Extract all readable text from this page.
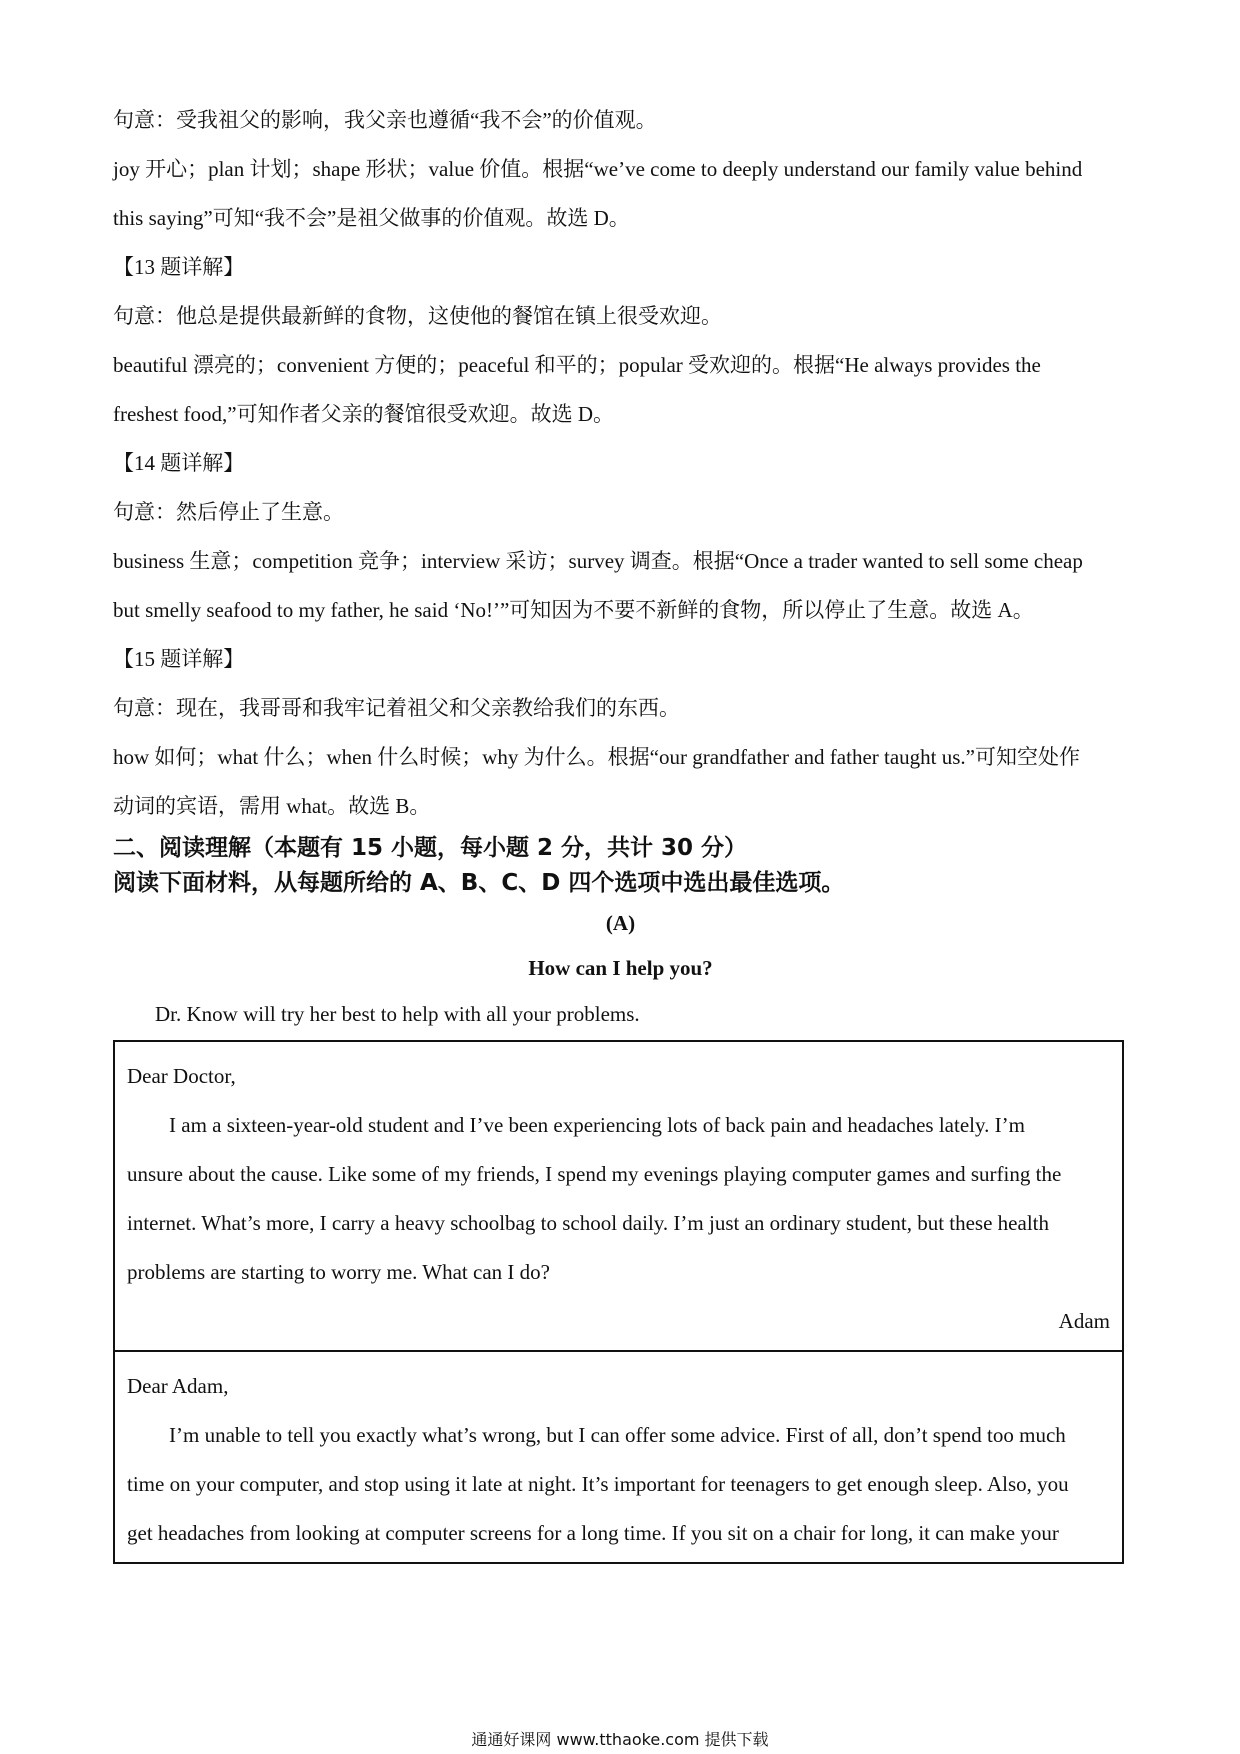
句意：受我祖父的影响，我父亲也遵循“我不会”的价值观。
joy 开心；plan 计划；shape 形状；value 价值。根据“we’ve come to deeply understand our family value behind
this saying”可知“我不会”是祖父做事的价值观。故选 D。
【13 题详解】
句意：他总是提供最新鲜的食物，这使他的餐馆在镇上很受欢迎。
beautiful 漂亮的；convenient 方便的；peaceful 和平的；popular 受欢迎的。根据“He always provides the
freshest food,”可知作者父亲的餐馆很受欢迎。故选 D。
【14 题详解】
句意：然后停止了生意。
business 生意；competition 竞争；interview 采访；survey 调查。根据“Once a trader wanted to sell some cheap
but smelly seafood to my father, he said ‘No!’”可知因为不要不新鲜的食物，所以停止了生意。故选 A。
【15 题详解】
句意：现在，我哥哥和我牢记着祖父和父亲教给我们的东西。
how 如何；what 什么；when 什么时候；why 为什么。根据“our grandfather and father taught us.”可知空处作
动词的宾语，需用 what。故选 B。
二、阅读理解（本题有 15 小题，每小题 2 分，共计 30 分）
阅读下面材料，从每题所给的 A、B、C、D 四个选项中选出最佳选项。
(A)
How can I help you?
Dr. Know will try her best to help with all your problems.
Dear Doctor,
I am a sixteen-year-old student and I’ve been experiencing lots of back pain and headaches lately. I’m
unsure about the cause. Like some of my friends, I spend my evenings playing computer games and surfing the
internet. What’s more, I carry a heavy schoolbag to school daily. I’m just an ordinary student, but these health
problems are starting to worry me. What can I do?
Adam
Dear Adam,
I’m unable to tell you exactly what’s wrong, but I can offer some advice. First of all, don’t spend too much
time on your computer, and stop using it late at night. It’s important for teenagers to get enough sleep. Also, you
get headaches from looking at computer screens for a long time. If you sit on a chair for long, it can make your
通通好课网 www.tthaoke.com 提供下载
